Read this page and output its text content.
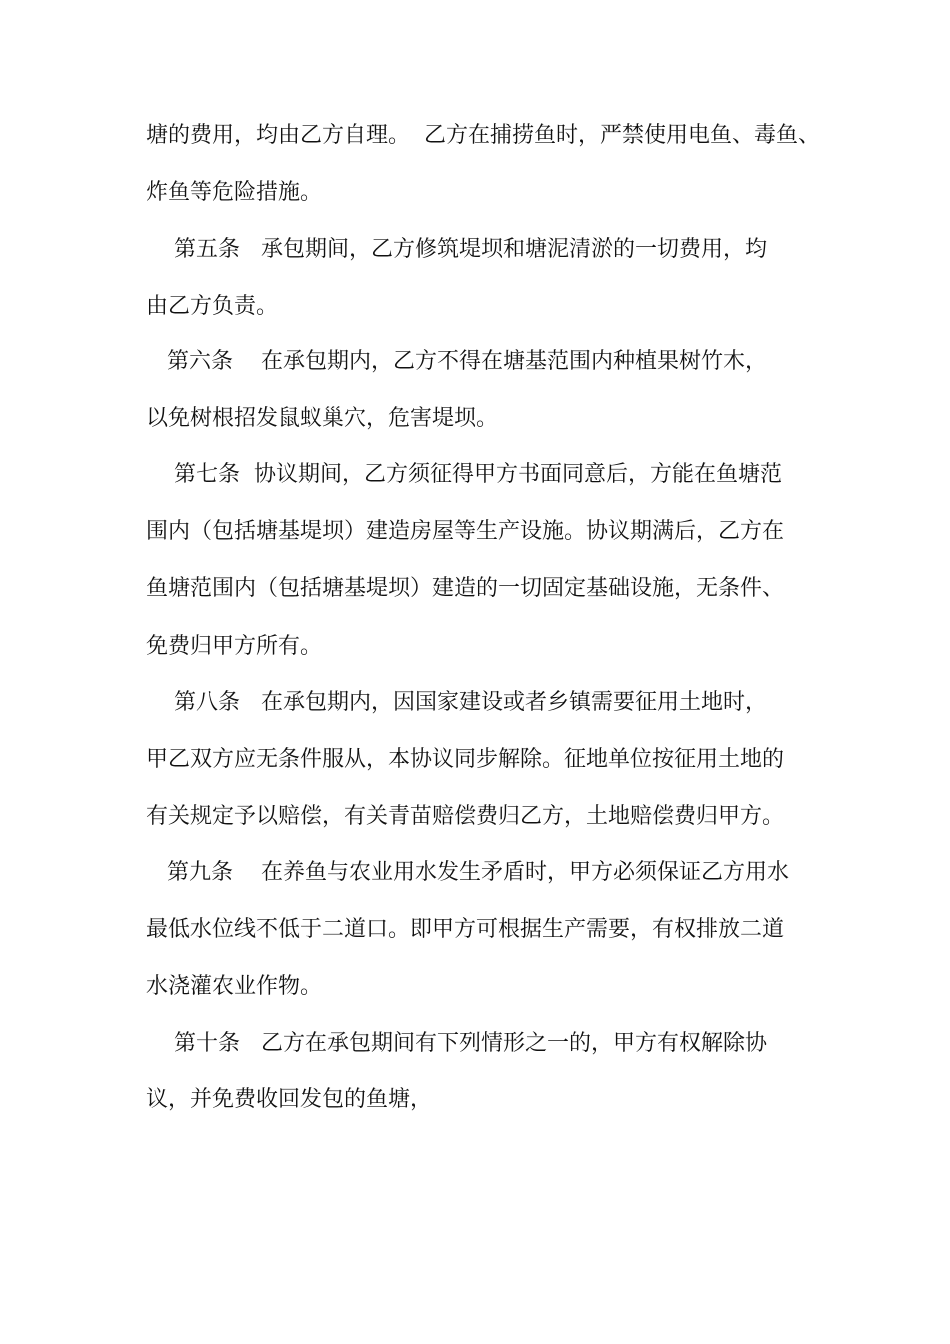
塘的费用，均由乙方自理。  乙方在捕捞鱼时，严禁使用电鱼、毒鱼、

炸鱼等危险措施。

第五条   承包期间，乙方修筑堤坝和塘泥清淤的一切费用，均

由乙方负责。

第六条    在承包期内，乙方不得在塘基范围内种植果树竹木，

以免树根招发鼠蚁巢穴，危害堤坝。

第七条  协议期间，乙方须征得甲方书面同意后，方能在鱼塘范

围内（包括塘基堤坝）建造房屋等生产设施。协议期满后，乙方在

鱼塘范围内（包括塘基堤坝）建造的一切固定基础设施，无条件、

免费归甲方所有。

第八条   在承包期内，因国家建设或者乡镇需要征用土地时，

甲乙双方应无条件服从，本协议同步解除。征地单位按征用土地的

有关规定予以赔偿，有关青苗赔偿费归乙方，土地赔偿费归甲方。

第九条    在养鱼与农业用水发生矛盾时，甲方必须保证乙方用水

最低水位线不低于二道口。即甲方可根据生产需要，有权排放二道

水浇灌农业作物。

第十条   乙方在承包期间有下列情形之一的，甲方有权解除协

议，并免费收回发包的鱼塘，
